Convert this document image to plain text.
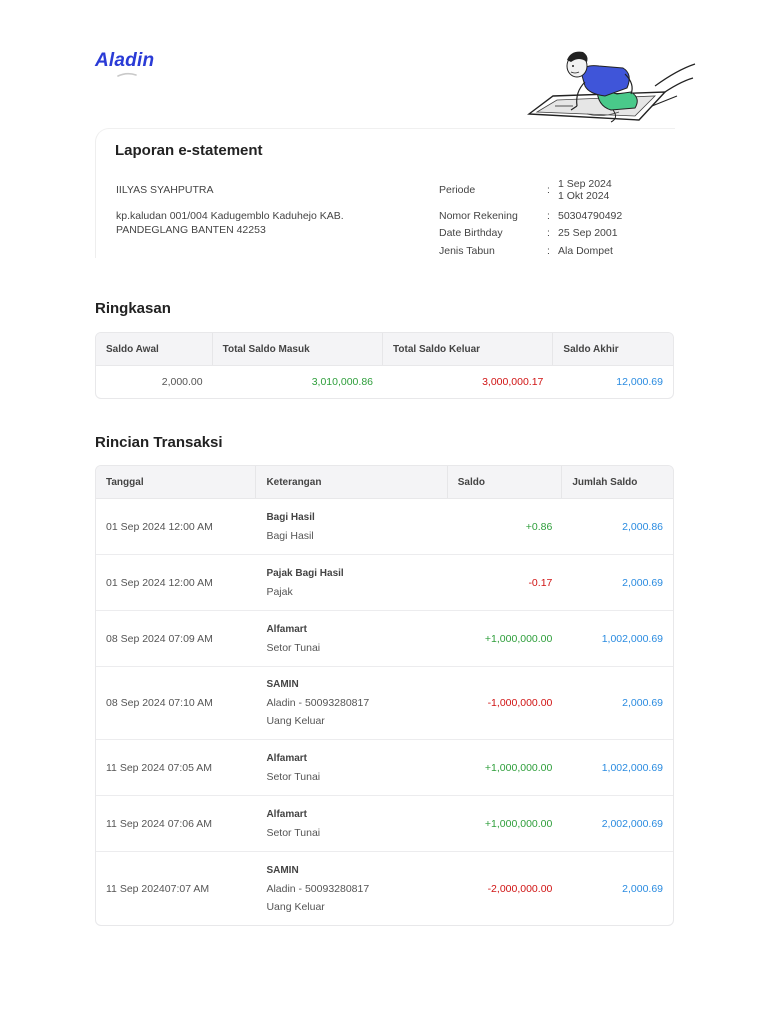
Aladin
Laporan e-statement
IILYAS SYAHPUTRA
kp.kaludan 001/004 Kadugemblo Kaduhejo KAB. PANDEGLANG BANTEN 42253
Periode	: 1 Sep 2024
1 Okt 2024
Nomor Rekening	: 50304790492
Date Birthday	: 25 Sep 2001
Jenis Tabun	: Ala Dompet
Ringkasan
Saldo Awal	Total Saldo Masuk	Total Saldo Keluar	Saldo Akhir
2,000.00	3,010,000.86	3,000,000.17	12,000.69
Rincian Transaksi
Tanggal	Keterangan	Saldo	Jumlah Saldo
01 Sep 2024 12:00 AM
Bagi Hasil
Bagi Hasil
+0.86	2,000.86
01 Sep 2024 12:00 AM
Pajak Bagi Hasil
Pajak
-0.17	2,000.69
08 Sep 2024 07:09 AM
Alfamart
Setor Tunai
+1,000,000.00	1,002,000.69
08 Sep 2024 07:10 AM
SAMIN
Aladin - 50093280817
Uang Keluar
-1,000,000.00	2,000.69
11 Sep 2024 07:05 AM
Alfamart
Setor Tunai
+1,000,000.00	1,002,000.69
11 Sep 2024 07:06 AM
Alfamart
Setor Tunai
+1,000,000.00	2,002,000.69
11 Sep 202407:07 AM
SAMIN
Aladin - 50093280817
Uang Keluar
-2,000,000.00	2,000.69
